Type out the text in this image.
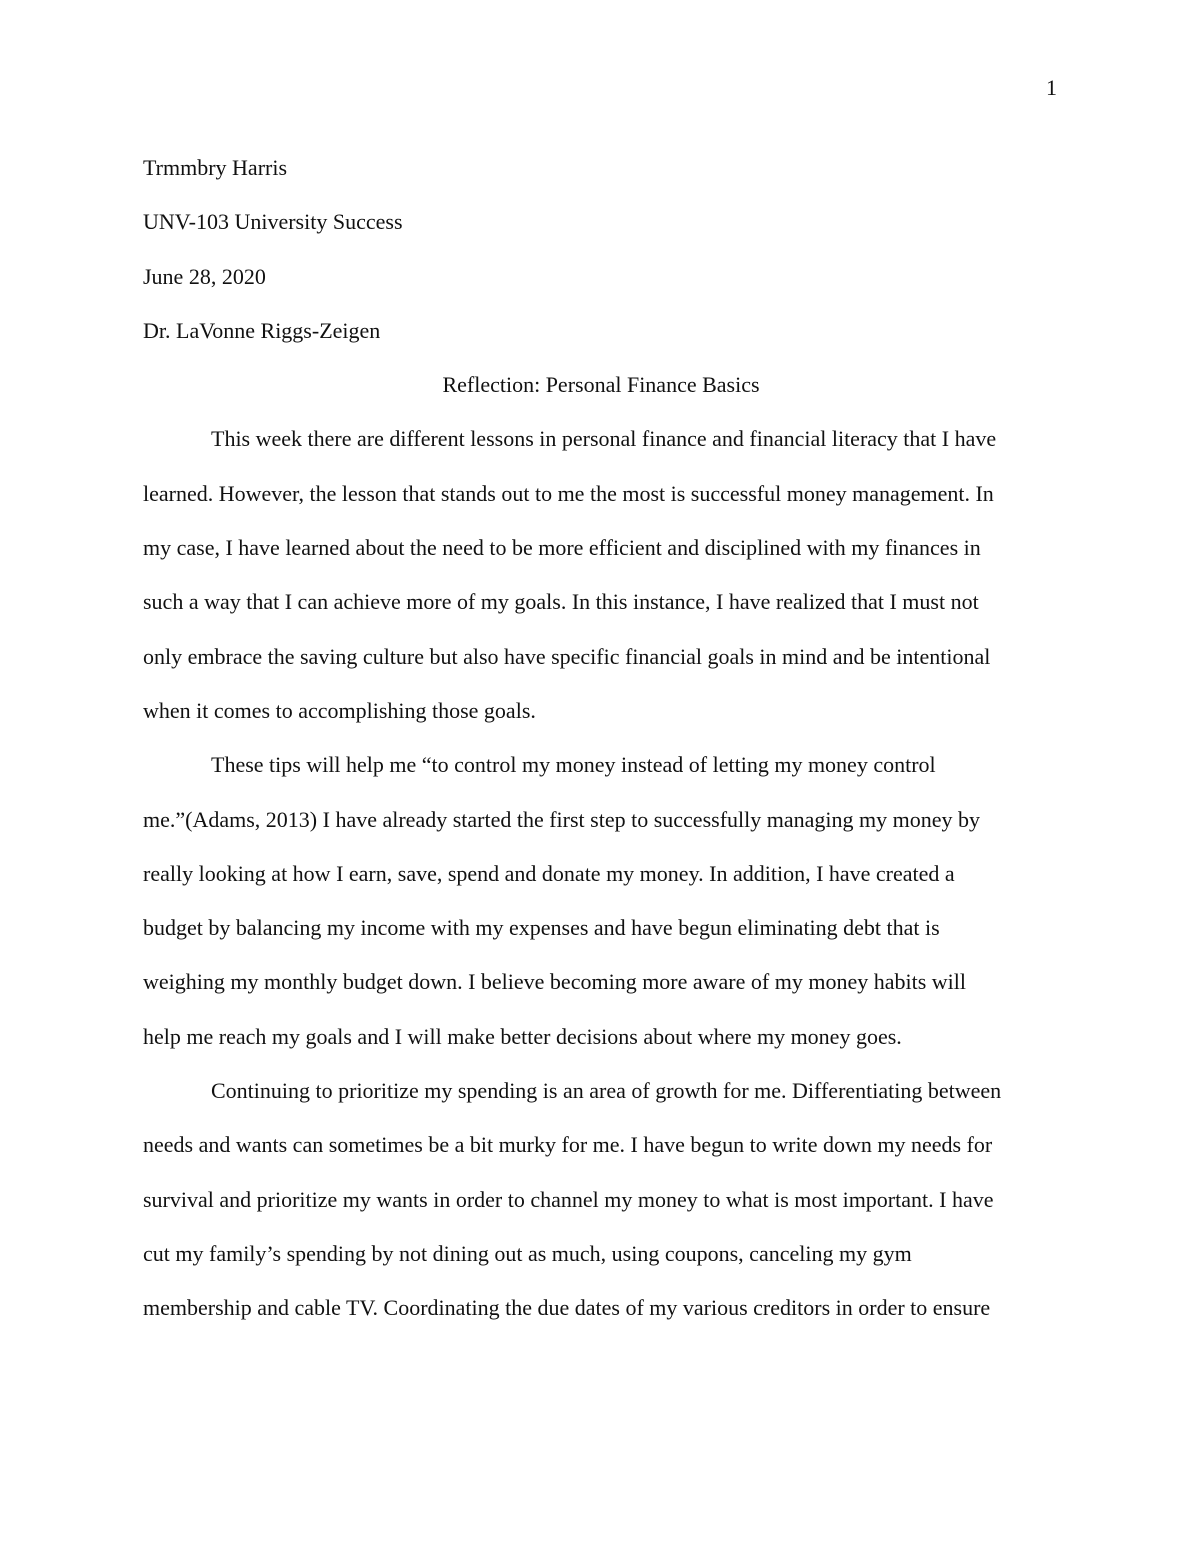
1

Trmmbry Harris

UNV-103 University Success

June 28, 2020

Dr. LaVonne Riggs-Zeigen

Reflection: Personal Finance Basics

This week there are different lessons in personal finance and financial literacy that I have

learned. However, the lesson that stands out to me the most is successful money management. In

my case, I have learned about the need to be more efficient and disciplined with my finances in

such a way that I can achieve more of my goals. In this instance, I have realized that I must not

only embrace the saving culture but also have specific financial goals in mind and be intentional

when it comes to accomplishing those goals.

These tips will help me “to control my money instead of letting my money control

me.”(Adams, 2013) I have already started the first step to successfully managing my money by

really looking at how I earn, save, spend and donate my money. In addition, I have created a

budget by balancing my income with my expenses and have begun eliminating debt that is

weighing my monthly budget down. I believe becoming more aware of my money habits will

help me reach my goals and I will make better decisions about where my money goes.

Continuing to prioritize my spending is an area of growth for me. Differentiating between

needs and wants can sometimes be a bit murky for me. I have begun to write down my needs for

survival and prioritize my wants in order to channel my money to what is most important. I have

cut my family’s spending by not dining out as much, using coupons, canceling my gym

membership and cable TV. Coordinating the due dates of my various creditors in order to ensure
